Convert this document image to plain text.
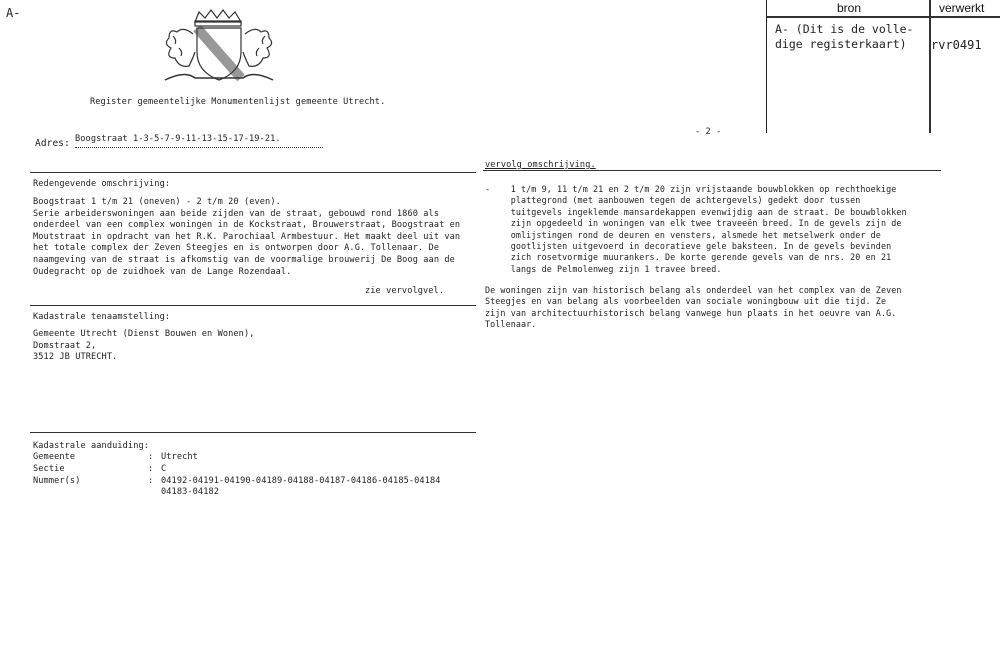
A-
Register gemeentelijke Monumentenlijst gemeente Utrecht.
Adres: Boogstraat 1-3-5-7-9-11-13-15-17-19-21.
- 2 -
bron	verwerkt
A- (Dit is de volle-
dige registerkaart) rvr0491
Redengevende omschrijving:
Boogstraat 1 t/m 21 (oneven) - 2 t/m 20 (even).
Serie arbeiderswoningen aan beide zijden van de straat, gebouwd rond 1860 als
onderdeel van een complex woningen in de Kockstraat, Brouwerstraat, Boogstraat en
Moutstraat in opdracht van het R.K. Parochiaal Armbestuur. Het maakt deel uit van
het totale complex der Zeven Steegjes en is ontworpen door A.G. Tollenaar. De
naamgeving van de straat is afkomstig van de voormalige brouwerij De Boog aan de
Oudegracht op de zuidhoek van de Lange Rozendaal.
zie vervolgvel.
Kadastrale tenaamstelling:
Gemeente Utrecht (Dienst Bouwen en Wonen),
Domstraat 2,
3512 JB UTRECHT.
Kadastrale aanduiding:
Gemeente	: Utrecht
Sectie	: C
Nummer(s)	: 04192-04191-04190-04189-04188-04187-04186-04185-04184
04183-04182
vervolg omschrijving.
-    1 t/m 9, 11 t/m 21 en 2 t/m 20 zijn vrijstaande bouwblokken op rechthoekige
plattegrond (met aanbouwen tegen de achtergevels) gedekt door tussen
tuitgevels ingeklemde mansardekappen evenwijdig aan de straat. De bouwblokken
zijn opgedeeld in woningen van elk twee traveeën breed. In de gevels zijn de
omlijstingen rond de deuren en vensters, alsmede het metselwerk onder de
gootlijsten uitgevoerd in decoratieve gele baksteen. In de gevels bevinden
zich rosetvormige muurankers. De korte gerende gevels van de nrs. 20 en 21
langs de Pelmolenweg zijn 1 travee breed.
De woningen zijn van historisch belang als onderdeel van het complex van de Zeven
Steegjes en van belang als voorbeelden van sociale woningbouw uit die tijd. Ze
zijn van architectuurhistorisch belang vanwege hun plaats in het oeuvre van A.G.
Tollenaar.
